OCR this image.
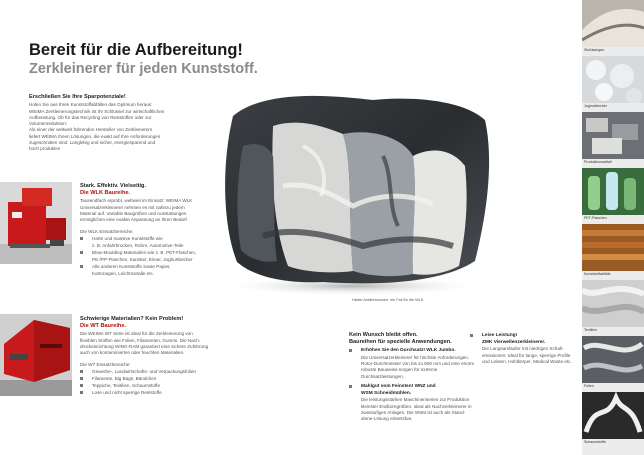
Bereit für die Aufbereitung!
Zerkleinerer für jeden Kunststoff.
Erschließen Sie Ihre Sparpotenziale!
Holen Sie aus Ihren Kunststoffabfällen das Optimum heraus:
WEIMA Zerkleinerungstechnik ist Ihr Schlüssel zur wirtschaftlichen
Aufbereitung. Ob für das Recycling von Reststoffen oder zur
Volumenreduktion:
Als einer der weltweit führenden Hersteller von Zerkleinerern
liefert WEIMA Ihnen Lösungen, die exakt auf Ihre Anforderungen
zugeschnitten sind. Langlebig und sicher, energiesparend und
hoch produktiv!
Stark. Effektiv. Vielseitig.
Die WLK Baureihe.
Tausendfach erprobt, weltweit im Einsatz: WEIMA WLK
Universalzerkleinerer nehmen es mit nahezu jedem
Material auf. Variable Baugrößen und Ausstattungen
ermöglichen eine exakte Anpassung an Ihren Bedarf.
Die WLK Einsatzbereiche:
Harte und massive Kunststoffe wie
z. B. Anfahrbrocken, Rohre, Automotive-Teile
Blow-Moulding-Materialien wie z. B. PET-Flaschen,
PE-/PP-Flaschen, Kanister, Eimer, Joghurtbecher
Alle anderen Kunststoffe sowie Papier,
Kartonagen, Leichtmetalle etc.
Schwierige Materialien? Kein Problem!
Die WT Baureihe.
Die WEIMA WT Serie ist ideal für die Zerkleinerung von
flexiblen Stoffen wie Folien, Filamenten, Gummi. Die Nach-
drückeinrichtung WING-RAM garantiert eine sichere Zuführung
auch von kontaminierten oder feuchten Materialien.
Die WT Einsatzbereiche:
Gewerbe-, Landwirtschafts- und Verpackungsfolien
Filamente, Big Bags, Bändchen
Teppiche, Textilien, Schaumstoffe
Lose und nicht sperrige Reststoffe
Harter Anfahrbrocken: ein Fall für die WLK.
Kein Wunsch bleibt offen.
Baureihen für spezielle Anwendungen.
Erhöhen Sie den Durchsatz! WLK Jumbo.
Die Universalzerkleinerer für höchste Anforderungen.
Rotor-Durchmesser von bis zu 600 mm und eine enorm
robuste Bauweise sorgen für extreme Durchsatzleistungen.
Mahlgut vom Feinsten! WNZ und
WSM Schneidmühlen.
Die leistungsstarken Maschinenserien zur Produktion
kleinster Endkorngrößen. Ideal als Nachzerkleinerer in
zweistufigen Anlagen. Die WSM ist auch als Stand-
alone-Lösung einsetzbar.
Leise Leistung!
ZMK Vierwellenzerkleinerer.
Die Langsamläufer mit niedrigen Schall-
emissionen: Ideal für lange, sperrige Profile
und Leisten, Hohlkörper, Medical Waste etc.
Stoßstangen
Joghurtbecher
Produktionsabfall
PET-Flaschen
Kunststoffabfälle
Textilien
Folien
Schaumstoffe
